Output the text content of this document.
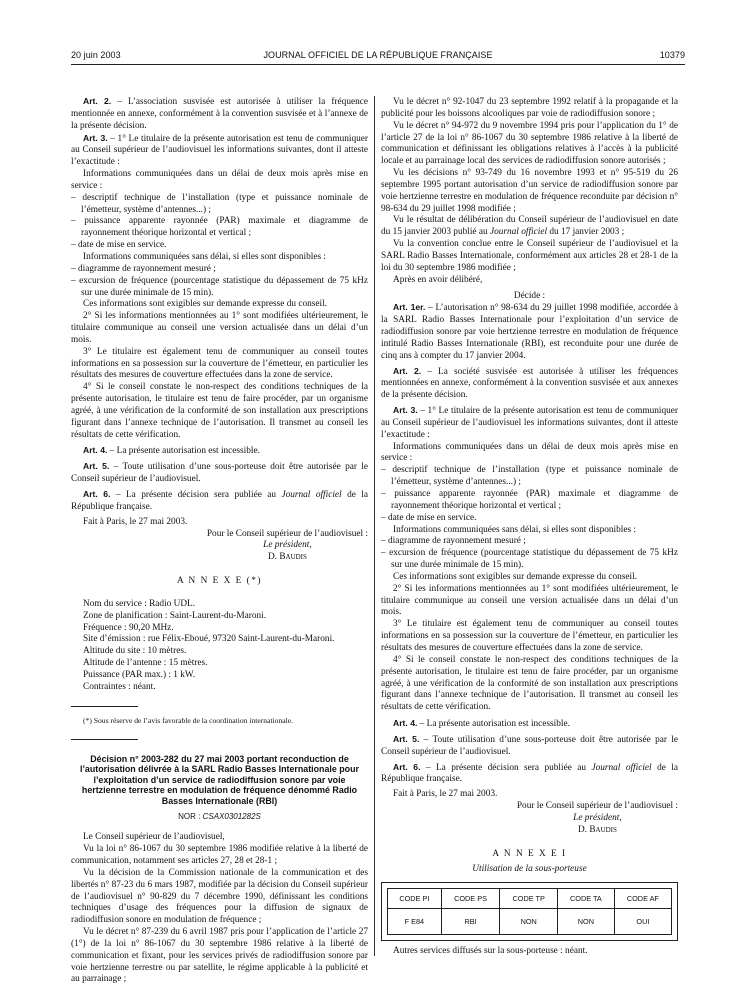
20 juin 2003	JOURNAL OFFICIEL DE LA RÉPUBLIQUE FRANÇAISE	10379

Art. 2. – L’association susvisée est autorisée à utiliser la fréquence mentionnée en annexe, conformément à la convention susvisée et à l’annexe de la présente décision.

Art. 3. – 1° Le titulaire de la présente autorisation est tenu de communiquer au Conseil supérieur de l’audiovisuel les informations suivantes, dont il atteste l’exactitude :

Informations communiquées dans un délai de deux mois après mise en service :

– descriptif technique de l’installation (type et puissance nominale de l’émetteur, système d’antennes...) ;

– puissance apparente rayonnée (PAR) maximale et diagramme de rayonnement théorique horizontal et vertical ;

– date de mise en service.

Informations communiquées sans délai, si elles sont disponibles :

– diagramme de rayonnement mesuré ;

– excursion de fréquence (pourcentage statistique du dépassement de 75 kHz sur une durée minimale de 15 min).

Ces informations sont exigibles sur demande expresse du conseil.

2° Si les informations mentionnées au 1° sont modifiées ultérieurement, le titulaire communique au conseil une version actualisée dans un délai d’un mois.

3° Le titulaire est également tenu de communiquer au conseil toutes informations en sa possession sur la couverture de l’émetteur, en particulier les résultats des mesures de couverture effectuées dans la zone de service.

4° Si le conseil constate le non-respect des conditions techniques de la présente autorisation, le titulaire est tenu de faire procéder, par un organisme agréé, à une vérification de la conformité de son installation aux prescriptions figurant dans l’annexe technique de l’autorisation. Il transmet au conseil les résultats de cette vérification.

Art. 4. – La présente autorisation est incessible.

Art. 5. – Toute utilisation d’une sous-porteuse doit être autorisée par le Conseil supérieur de l’audiovisuel.

Art. 6. – La présente décision sera publiée au Journal officiel de la République française.

Fait à Paris, le 27 mai 2003.

Pour le Conseil supérieur de l’audiovisuel :

Le président,

D. Baudis

A N N E X E (*)

Nom du service : Radio UDL.

Zone de planification : Saint-Laurent-du-Maroni.

Fréquence : 90,20 MHz.

Site d’émission : rue Félix-Eboué, 97320 Saint-Laurent-du-Maroni.

Altitude du site : 10 mètres.

Altitude de l’antenne : 15 mètres.

Puissance (PAR max.) : 1 kW.

Contraintes : néant.

(*) Sous réserve de l’avis favorable de la coordination internationale.

Décision n° 2003-282 du 27 mai 2003 portant reconduction de l’autorisation délivrée à la SARL Radio Basses Internationale pour l’exploitation d’un service de radiodiffusion sonore par voie hertzienne terrestre en modulation de fréquence dénommé Radio Basses Internationale (RBI)

NOR : CSAX0301282S

Le Conseil supérieur de l’audiovisuel,

Vu la loi n° 86-1067 du 30 septembre 1986 modifiée relative à la liberté de communication, notamment ses articles 27, 28 et 28-1 ;

Vu la décision de la Commission nationale de la communication et des libertés n° 87-23 du 6 mars 1987, modifiée par la décision du Conseil supérieur de l’audiovisuel n° 90-829 du 7 décembre 1990, définissant les conditions techniques d’usage des fréquences pour la diffusion de signaux de radiodiffusion sonore en modulation de fréquence ;

Vu le décret n° 87-239 du 6 avril 1987 pris pour l’application de l’article 27 (1°) de la loi n° 86-1067 du 30 septembre 1986 relative à la liberté de communication et fixant, pour les services privés de radiodiffusion sonore par voie hertzienne terrestre ou par satellite, le régime applicable à la publicité et au parrainage ;

Vu le décret n° 92-1047 du 23 septembre 1992 relatif à la propagande et la publicité pour les boissons alcooliques par voie de radiodiffusion sonore ;

Vu le décret n° 94-972 du 9 novembre 1994 pris pour l’application du 1° de l’article 27 de la loi n° 86-1067 du 30 septembre 1986 relative à la liberté de communication et définissant les obligations relatives à l’accès à la publicité locale et au parrainage local des services de radiodiffusion sonore autorisés ;

Vu les décisions n° 93-749 du 16 novembre 1993 et n° 95-519 du 26 septembre 1995 portant autorisation d’un service de radiodiffusion sonore par voie hertzienne terrestre en modulation de fréquence reconduite par décision n° 98-634 du 29 juillet 1998 modifiée ;

Vu le résultat de délibération du Conseil supérieur de l’audiovisuel en date du 15 janvier 2003 publié au Journal officiel du 17 janvier 2003 ;

Vu la convention conclue entre le Conseil supérieur de l’audiovisuel et la SARL Radio Basses Internationale, conformément aux articles 28 et 28-1 de la loi du 30 septembre 1986 modifiée ;

Après en avoir délibéré,

Décide :

Art. 1er. – L’autorisation n° 98-634 du 29 juillet 1998 modifiée, accordée à la SARL Radio Basses Internationale pour l’exploitation d’un service de radiodiffusion sonore par voie hertzienne terrestre en modulation de fréquence intitulé Radio Basses Internationale (RBI), est reconduite pour une durée de cinq ans à compter du 17 janvier 2004.

Art. 2. – La société susvisée est autorisée à utiliser les fréquences mentionnées en annexe, conformément à la convention susvisée et aux annexes de la présente décision.

Art. 3. – 1° Le titulaire de la présente autorisation est tenu de communiquer au Conseil supérieur de l’audiovisuel les informations suivantes, dont il atteste l’exactitude :

Informations communiquées dans un délai de deux mois après mise en service :

– descriptif technique de l’installation (type et puissance nominale de l’émetteur, système d’antennes...) ;

– puissance apparente rayonnée (PAR) maximale et diagramme de rayonnement théorique horizontal et vertical ;

– date de mise en service.

Informations communiquées sans délai, si elles sont disponibles :

– diagramme de rayonnement mesuré ;

– excursion de fréquence (pourcentage statistique du dépassement de 75 kHz sur une durée minimale de 15 min).

Ces informations sont exigibles sur demande expresse du conseil.

2° Si les informations mentionnées au 1° sont modifiées ultérieurement, le titulaire communique au conseil une version actualisée dans un délai d’un mois.

3° Le titulaire est également tenu de communiquer au conseil toutes informations en sa possession sur la couverture de l’émetteur, en particulier les résultats des mesures de couverture effectuées dans la zone de service.

4° Si le conseil constate le non-respect des conditions techniques de la présente autorisation, le titulaire est tenu de faire procéder, par un organisme agréé, à une vérification de la conformité de son installation aux prescriptions figurant dans l’annexe technique de l’autorisation. Il transmet au conseil les résultats de cette vérification.

Art. 4. – La présente autorisation est incessible.

Art. 5. – Toute utilisation d’une sous-porteuse doit être autorisée par le Conseil supérieur de l’audiovisuel.

Art. 6. – La présente décision sera publiée au Journal officiel de la République française.

Fait à Paris, le 27 mai 2003.

Pour le Conseil supérieur de l’audiovisuel :

Le président,

D. Baudis

A N N E X E I

Utilisation de la sous-porteuse

CODE PI	CODE PS	CODE TP	CODE TA	CODE AF
F E84	RBI	NON	NON	OUI

Autres services diffusés sur la sous-porteuse : néant.
